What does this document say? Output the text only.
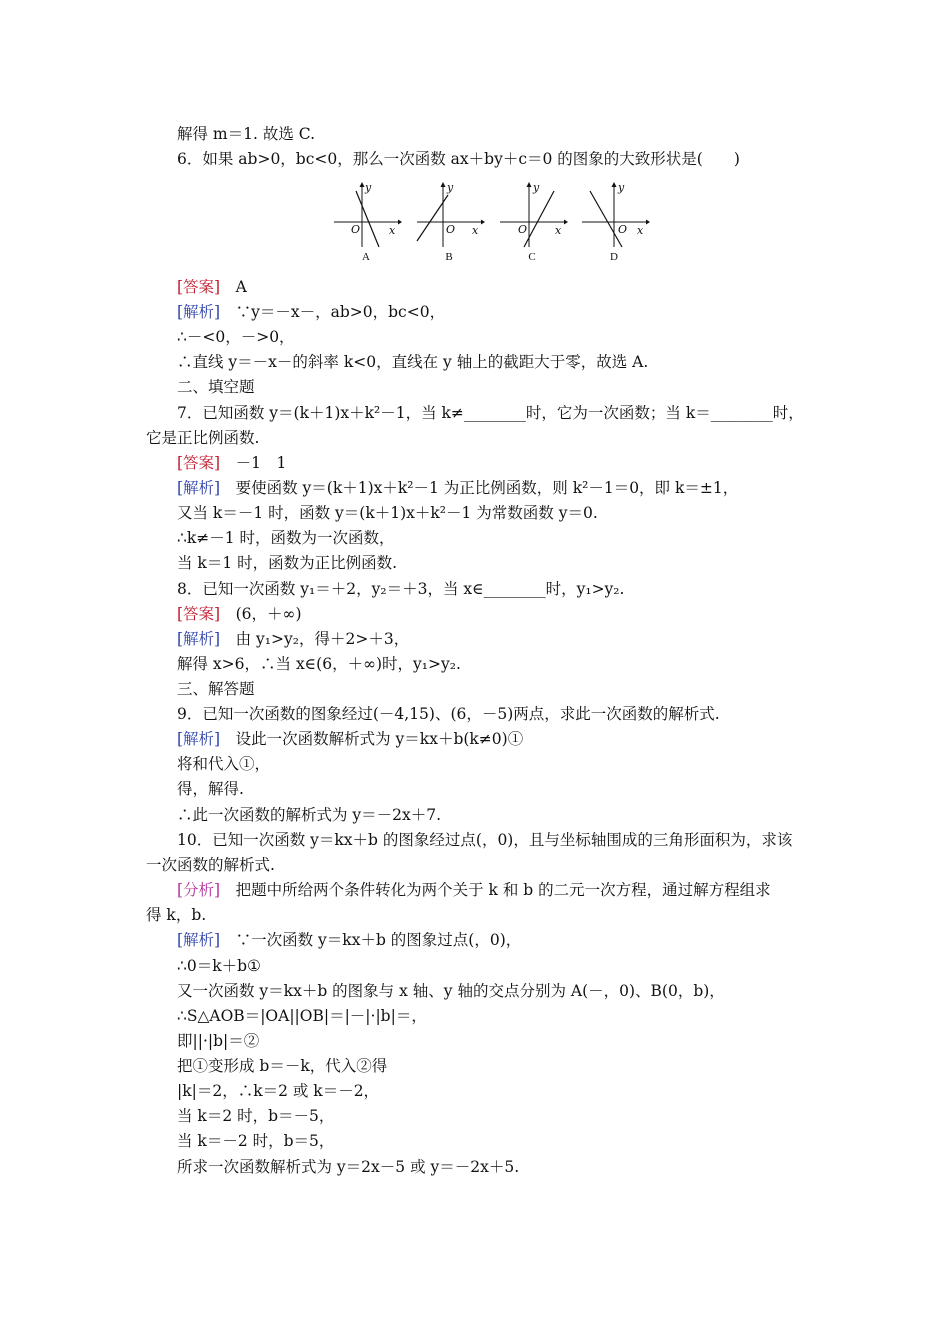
解得 m＝1. 故选 C.
6．如果 ab>0，bc<0，那么一次函数 ax＋by＋c＝0 的图象的大致形状是(　　)
y
x
O
A
y
x
O
B
y
x
O
C
y
x
O
D
[答案]　 A
[解析]　 ∵y＝－x－，ab>0，bc<0，
∴－<0，－>0，
∴直线 y＝－x－的斜率 k<0，直线在 y 轴上的截距大于零，故选 A.
二、填空题
7．已知函数 y＝(k＋1)x＋k²－1，当 k≠________时，它为一次函数；当 k＝________时，
它是正比例函数.
[答案]　 －1　1
[解析]　 要使函数 y＝(k＋1)x＋k²－1 为正比例函数，则 k²－1＝0，即 k＝±1，
又当 k＝－1 时，函数 y＝(k＋1)x＋k²－1 为常数函数 y＝0.
∴k≠－1 时，函数为一次函数，
当 k＝1 时，函数为正比例函数.
8．已知一次函数 y₁＝＋2，y₂＝＋3，当 x∈________时，y₁>y₂.
[答案]　 (6，＋∞)
[解析]　 由 y₁>y₂，得＋2>＋3，
解得 x>6，∴当 x∈(6，＋∞)时，y₁>y₂.
三、解答题
9．已知一次函数的图象经过(－4,15)、(6，－5)两点，求此一次函数的解析式.
[解析]　 设此一次函数解析式为 y＝kx＋b(k≠0)①
将和代入①，
得，解得.
∴此一次函数的解析式为 y＝－2x＋7.
10．已知一次函数 y＝kx＋b 的图象经过点(，0)，且与坐标轴围成的三角形面积为，求该
一次函数的解析式.
[分析]　 把题中所给两个条件转化为两个关于 k 和 b 的二元一次方程，通过解方程组求
得 k，b.
[解析]　 ∵一次函数 y＝kx＋b 的图象过点(，0)，
∴0＝k＋b①
又一次函数 y＝kx＋b 的图象与 x 轴、y 轴的交点分别为 A(－，0)、B(0，b)，
∴S△AOB＝|OA||OB|＝|－|·|b|＝，
即||·|b|＝②
把①变形成 b＝－k，代入②得
|k|＝2，∴k＝2 或 k＝－2，
当 k＝2 时，b＝－5，
当 k＝－2 时，b＝5，
所求一次函数解析式为 y＝2x－5 或 y＝－2x＋5.
